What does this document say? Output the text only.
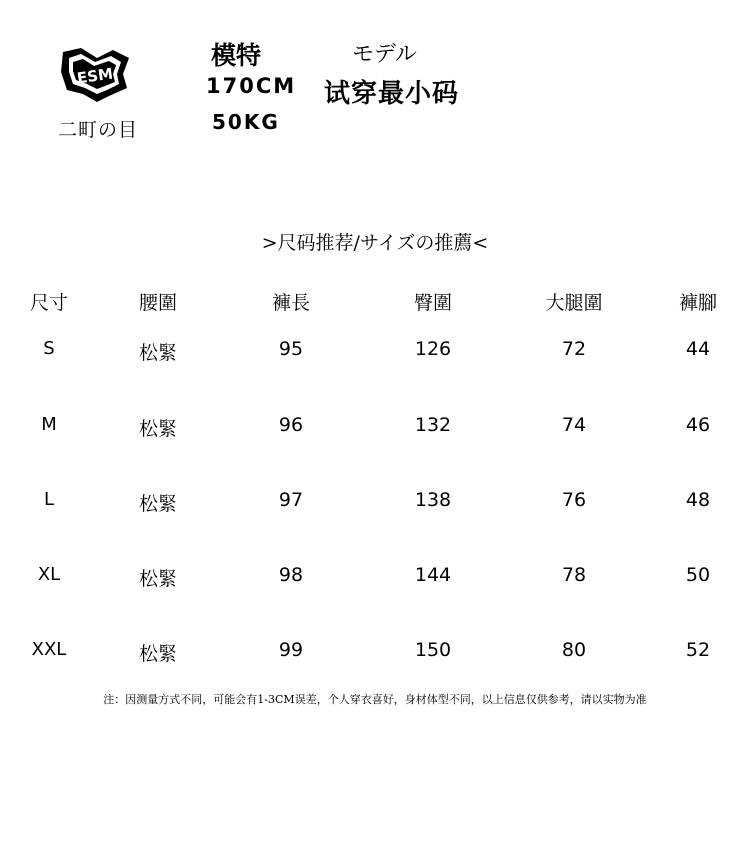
ESM
二町の目
模特
170CM
50KG
モデル
试穿最小码
>尺码推荐/サイズの推薦<
尺寸	腰圍	褲長	臀圍	大腿圍	褲腳
S	松緊	95	126	72	44
M	松緊	96	132	74	46
L	松緊	97	138	76	48
XL	松緊	98	144	78	50
XXL	松緊	99	150	80	52
注：因测量方式不同，可能会有1-3CM误差，个人穿衣喜好，身材体型不同，以上信息仅供参考，请以实物为准
